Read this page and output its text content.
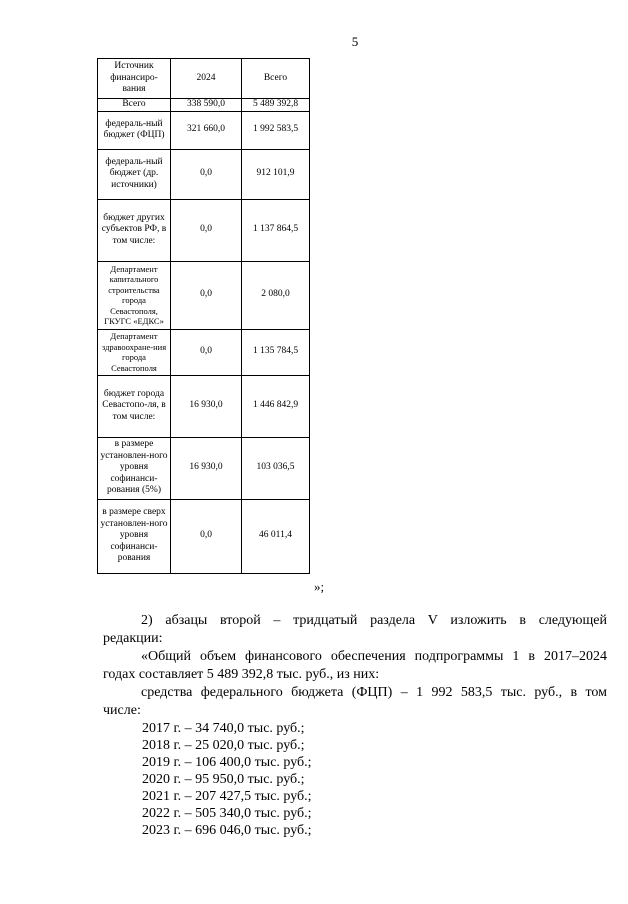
5
Источник финансиро-вания	2024	Всего
Всего	338 590,0	5 489 392,8
федераль-ный бюджет (ФЦП)	321 660,0	1 992 583,5
федераль-ный бюджет (др. источники)	0,0	912 101,9
бюджет других субъектов РФ, в том числе:	0,0	1 137 864,5
Департамент капитального строительства города Севастополя, ГКУГС «ЕДКС»	0,0	2 080,0
Департамент здравоохране-ния города Севастополя	0,0	1 135 784,5
бюджет города Севастопо-ля, в том числе:	16 930,0	1 446 842,9
в размере установлен-ного уровня софинанси-рования (5%)	16 930,0	103 036,5
в размере сверх установлен-ного уровня софинанси-рования	0,0	46 011,4
»;
2) абзацы второй – тридцатый раздела V изложить в следующей
редакции:
«Общий объем финансового обеспечения подпрограммы 1 в 2017–2024
годах составляет 5 489 392,8 тыс. руб., из них:
средства федерального бюджета (ФЦП) – 1 992 583,5 тыс. руб., в том
числе:
2017 г. – 34 740,0 тыс. руб.;
2018 г. – 25 020,0 тыс. руб.;
2019 г. – 106 400,0 тыс. руб.;
2020 г. – 95 950,0 тыс. руб.;
2021 г. – 207 427,5 тыс. руб.;
2022 г. – 505 340,0 тыс. руб.;
2023 г. – 696 046,0 тыс. руб.;
